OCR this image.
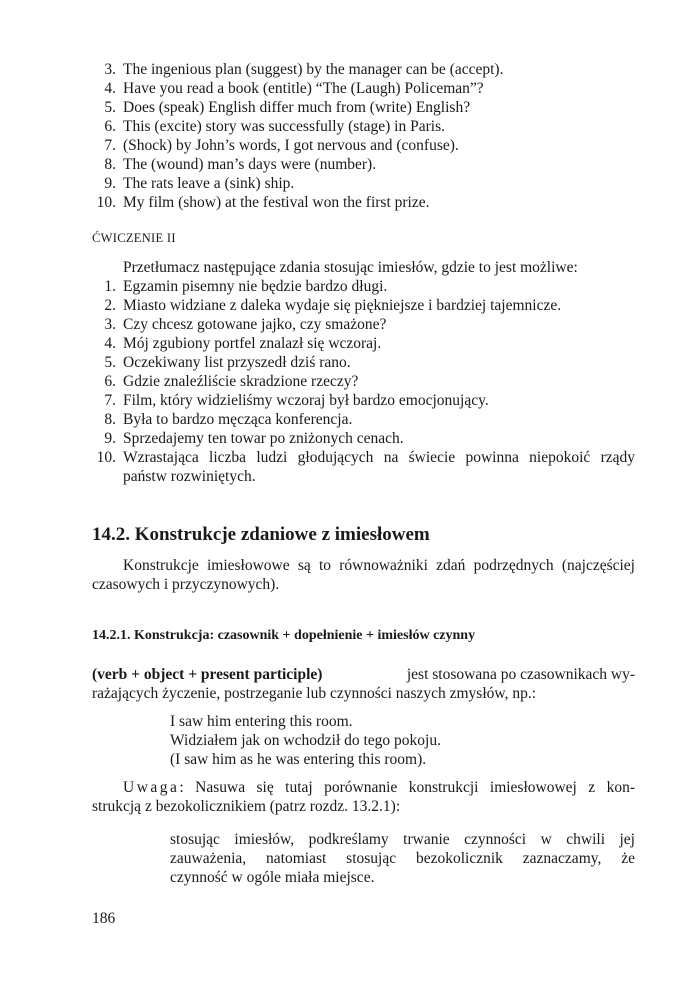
3. The ingenious plan (suggest) by the manager can be (accept).
4. Have you read a book (entitle) “The (Laugh) Policeman”?
5. Does (speak) English differ much from (write) English?
6. This (excite) story was successfully (stage) in Paris.
7. (Shock) by John’s words, I got nervous and (confuse).
8. The (wound) man’s days were (number).
9. The rats leave a (sink) ship.
10. My film (show) at the festival won the first prize.
ĆWICZENIE II
Przetłumacz następujące zdania stosując imiesłów, gdzie to jest możliwe:
1. Egzamin pisemny nie będzie bardzo długi.
2. Miasto widziane z daleka wydaje się piękniejsze i bardziej tajemnicze.
3. Czy chcesz gotowane jajko, czy smażone?
4. Mój zgubiony portfel znalazł się wczoraj.
5. Oczekiwany list przyszedł dziś rano.
6. Gdzie znaleźliście skradzione rzeczy?
7. Film, który widzieliśmy wczoraj był bardzo emocjonujący.
8. Była to bardzo męcząca konferencja.
9. Sprzedajemy ten towar po zniżonych cenach.
10. Wzrastająca liczba ludzi głodujących na świecie powinna niepokoić rządy
państw rozwiniętych.
14.2. Konstrukcje zdaniowe z imiesłowem
Konstrukcje imiesłowowe są to równoważniki zdań podrzędnych (najczęściej
czasowych i przyczynowych).
14.2.1. Konstrukcja: czasownik + dopełnienie + imiesłów czynny
(verb + object + present participle)	jest stosowana po czasownikach wy-
rażających życzenie, postrzeganie lub czynności naszych zmysłów, np.:
I saw him entering this room.
Widziałem jak on wchodził do tego pokoju.
(I saw him as he was entering this room).
Uwaga : Nasuwa się tutaj porównanie konstrukcji imiesłowowej z kon-
strukcją z bezokolicznikiem (patrz rozdz. 13.2.1):
stosując imiesłów, podkreślamy trwanie czynności w chwili jej
zauważenia, natomiast stosując bezokolicznik zaznaczamy, że
czynność w ogóle miała miejsce.
186
